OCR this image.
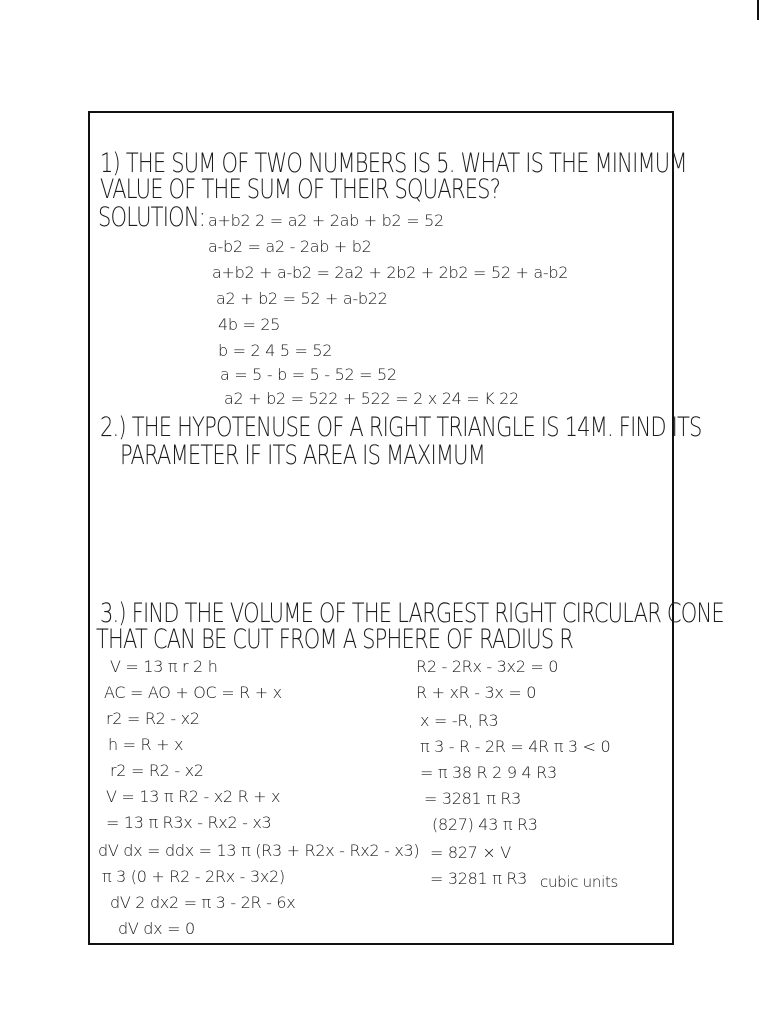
1) THE SUM OF TWO NUMBERS IS 5. WHAT IS THE MINIMUM
VALUE OF THE SUM OF THEIR SQUARES?
SOLUTION: a+b2 2 = a2 + 2ab + b2 = 52
a-b2 = a2 - 2ab + b2
a+b2 + a-b2 = 2a2 + 2b2 + 2b2 = 52 + a-b2
a2 + b2 = 52 + a-b22
4b = 25
b = 2 4 5 = 52
a = 5 - b = 5 - 52 = 52
a2 + b2 = 522 + 522 = 2 x 24 = K 22
2.) THE HYPOTENUSE OF A RIGHT TRIANGLE IS 14M. FIND ITS
PARAMETER IF ITS AREA IS MAXIMUM
3.) FIND THE VOLUME OF THE LARGEST RIGHT CIRCULAR CONE
THAT CAN BE CUT FROM A SPHERE OF RADIUS R
V = 13 π r 2 h
AC = AO + OC = R + x
r2 = R2 - x2
h = R + x
r2 = R2 - x2
V = 13 π R2 - x2 R + x
= 13 π R3x - Rx2 - x3
dV dx = ddx = 13 π (R3 + R2x - Rx2 - x3)
π 3 (0 + R2 - 2Rx - 3x2)
dV 2 dx2 = π 3 - 2R - 6x
dV dx = 0
R2 - 2Rx - 3x2 = 0
R + xR - 3x = 0
x = -R, R3
π 3 - R - 2R = 4R π 3 < 0
= π 38 R 2 9 4 R3
= 3281 π R3
(827) 43 π R3
= 827 × V
= 3281 π R3 cubic units
